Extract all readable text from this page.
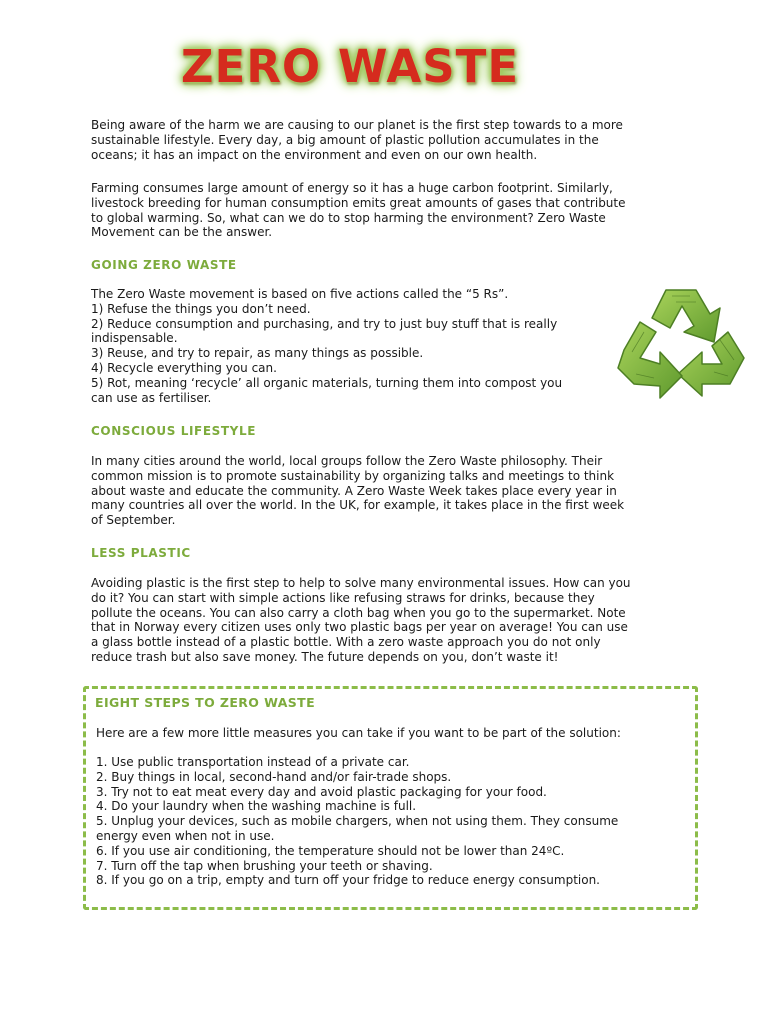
ZERO WASTE
Being aware of the harm we are causing to our planet is the first step towards to a more
sustainable lifestyle. Every day, a big amount of plastic pollution accumulates in the
oceans; it has an impact on the environment and even on our own health.
Farming consumes large amount of energy so it has a huge carbon footprint. Similarly,
livestock breeding for human consumption emits great amounts of gases that contribute
to global warming. So, what can we do to stop harming the environment? Zero Waste
Movement can be the answer.
GOING ZERO WASTE
The Zero Waste movement is based on five actions called the “5 Rs”.
1) Refuse the things you don’t need.
2) Reduce consumption and purchasing, and try to just buy stuff that is really
indispensable.
3) Reuse, and try to repair, as many things as possible.
4) Recycle everything you can.
5) Rot, meaning ‘recycle’ all organic materials, turning them into compost you
can use as fertiliser.
CONSCIOUS LIFESTYLE
In many cities around the world, local groups follow the Zero Waste philosophy. Their
common mission is to promote sustainability by organizing talks and meetings to think
about waste and educate the community. A Zero Waste Week takes place every year in
many countries all over the world. In the UK, for example, it takes place in the first week
of September.
LESS PLASTIC
Avoiding plastic is the first step to help to solve many environmental issues. How can you
do it? You can start with simple actions like refusing straws for drinks, because they
pollute the oceans. You can also carry a cloth bag when you go to the supermarket. Note
that in Norway every citizen uses only two plastic bags per year on average! You can use
a glass bottle instead of a plastic bottle. With a zero waste approach you do not only
reduce trash but also save money. The future depends on you, don’t waste it!
EIGHT STEPS TO ZERO WASTE
Here are a few more little measures you can take if you want to be part of the solution:
1. Use public transportation instead of a private car.
2. Buy things in local, second-hand and/or fair-trade shops.
3. Try not to eat meat every day and avoid plastic packaging for your food.
4. Do your laundry when the washing machine is full.
5. Unplug your devices, such as mobile chargers, when not using them. They consume
energy even when not in use.
6. If you use air conditioning, the temperature should not be lower than 24ºC.
7. Turn off the tap when brushing your teeth or shaving.
8. If you go on a trip, empty and turn off your fridge to reduce energy consumption.
